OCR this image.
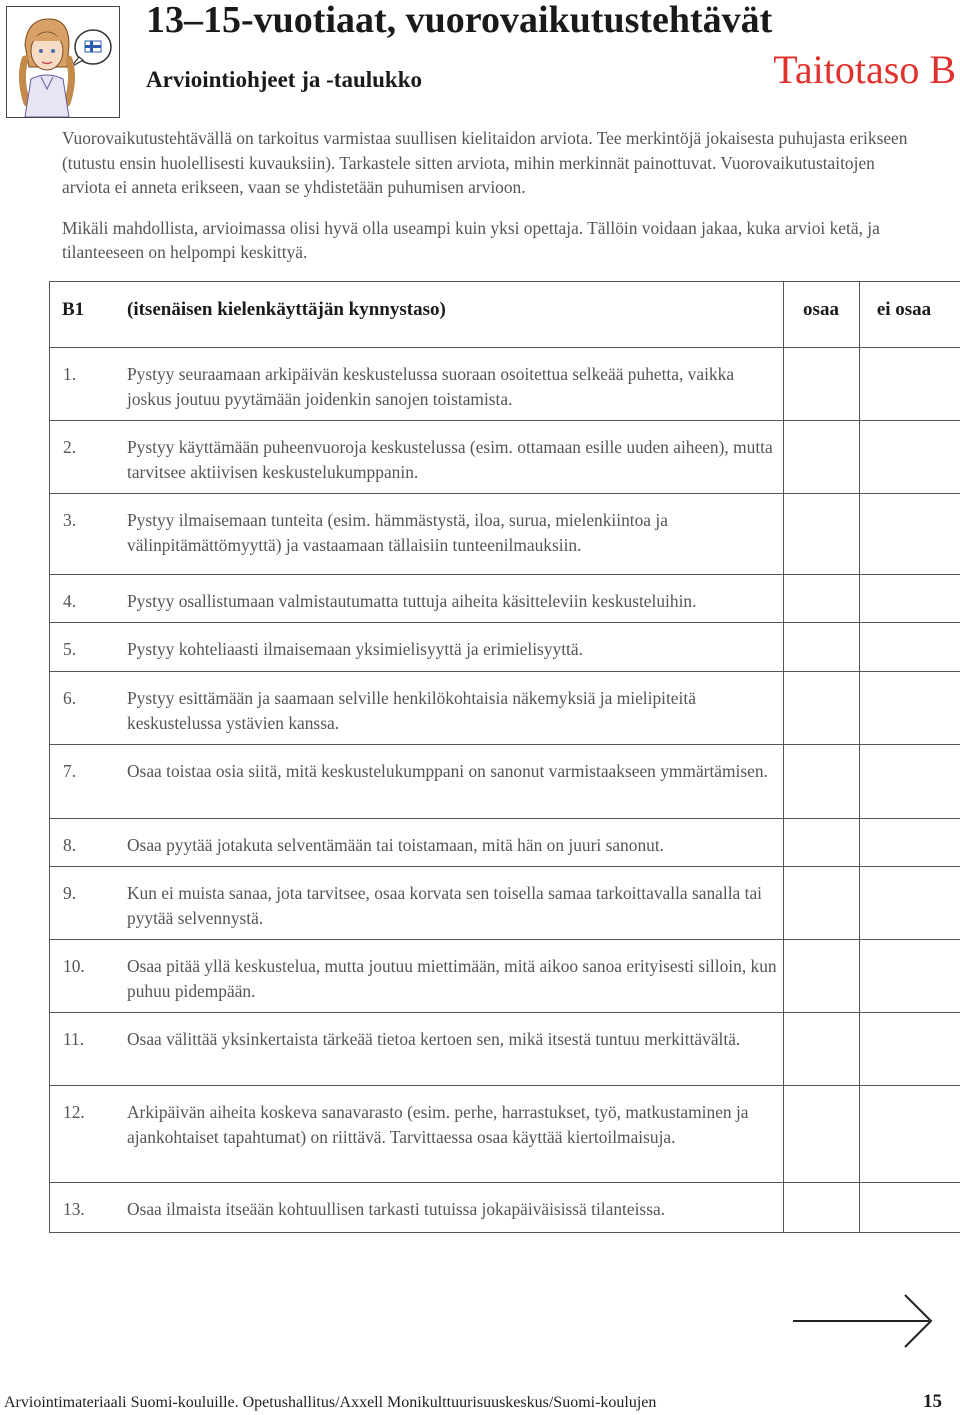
13–15-vuotiaat, vuorovaikutustehtävät
Arviointiohjeet ja -taulukko	Taitotaso B

Vuorovaikutustehtävällä on tarkoitus varmistaa suullisen kielitaidon arviota. Tee merkintöjä jokaisesta puhujasta erikseen (tutustu ensin huolellisesti kuvauksiin). Tarkastele sitten arviota, mihin merkinnät painottuvat. Vuorovaikutustaitojen arviota ei anneta erikseen, vaan se yhdistetään puhumisen arvioon.

Mikäli mahdollista, arvioimassa olisi hyvä olla useampi kuin yksi opettaja. Tällöin voidaan jakaa, kuka arvioi ketä, ja tilanteeseen on helpompi keskittyä.

B1 (itsenäisen kielenkäyttäjän kynnystaso)	osaa	ei osaa
1.	Pystyy seuraamaan arkipäivän keskustelussa suoraan osoitettua selkeää puhetta, vaikka joskus joutuu pyytämään joidenkin sanojen toistamista.
2.	Pystyy käyttämään puheenvuoroja keskustelussa (esim. ottamaan esille uuden aiheen), mutta tarvitsee aktiivisen keskustelukumppanin.
3.	Pystyy ilmaisemaan tunteita (esim. hämmästystä, iloa, surua, mielenkiintoa ja välinpitämättömyyttä) ja vastaamaan tällaisiin tunteenilmauksiin.
4.	Pystyy osallistumaan valmistautumatta tuttuja aiheita käsitteleviin keskusteluihin.
5.	Pystyy kohteliaasti ilmaisemaan yksimielisyyttä ja erimielisyyttä.
6.	Pystyy esittämään ja saamaan selville henkilökohtaisia näkemyksiä ja mielipiteitä keskustelussa ystävien kanssa.
7.	Osaa toistaa osia siitä, mitä keskustelukumppani on sanonut varmistaakseen ymmärtämisen.
8.	Osaa pyytää jotakuta selventämään tai toistamaan, mitä hän on juuri sanonut.
9.	Kun ei muista sanaa, jota tarvitsee, osaa korvata sen toisella samaa tarkoittavalla sanalla tai pyytää selvennystä.
10. Osaa pitää yllä keskustelua, mutta joutuu miettimään, mitä aikoo sanoa erityisesti silloin, kun puhuu pidempään.
11. Osaa välittää yksinkertaista tärkeää tietoa kertoen sen, mikä itsestä tuntuu merkittävältä.
12. Arkipäivän aiheita koskeva sanavarasto (esim. perhe, harrastukset, työ, matkustaminen ja ajankohtaiset tapahtumat) on riittävä. Tarvittaessa osaa käyttää kiertoilmaisuja.
13. Osaa ilmaista itseään kohtuullisen tarkasti tutuissa jokapäiväisissä tilanteissa.
Arviointimateriaali Suomi-kouluille. Opetushallitus/Axxell Monikulttuurisuuskeskus/Suomi-koulujen	15
